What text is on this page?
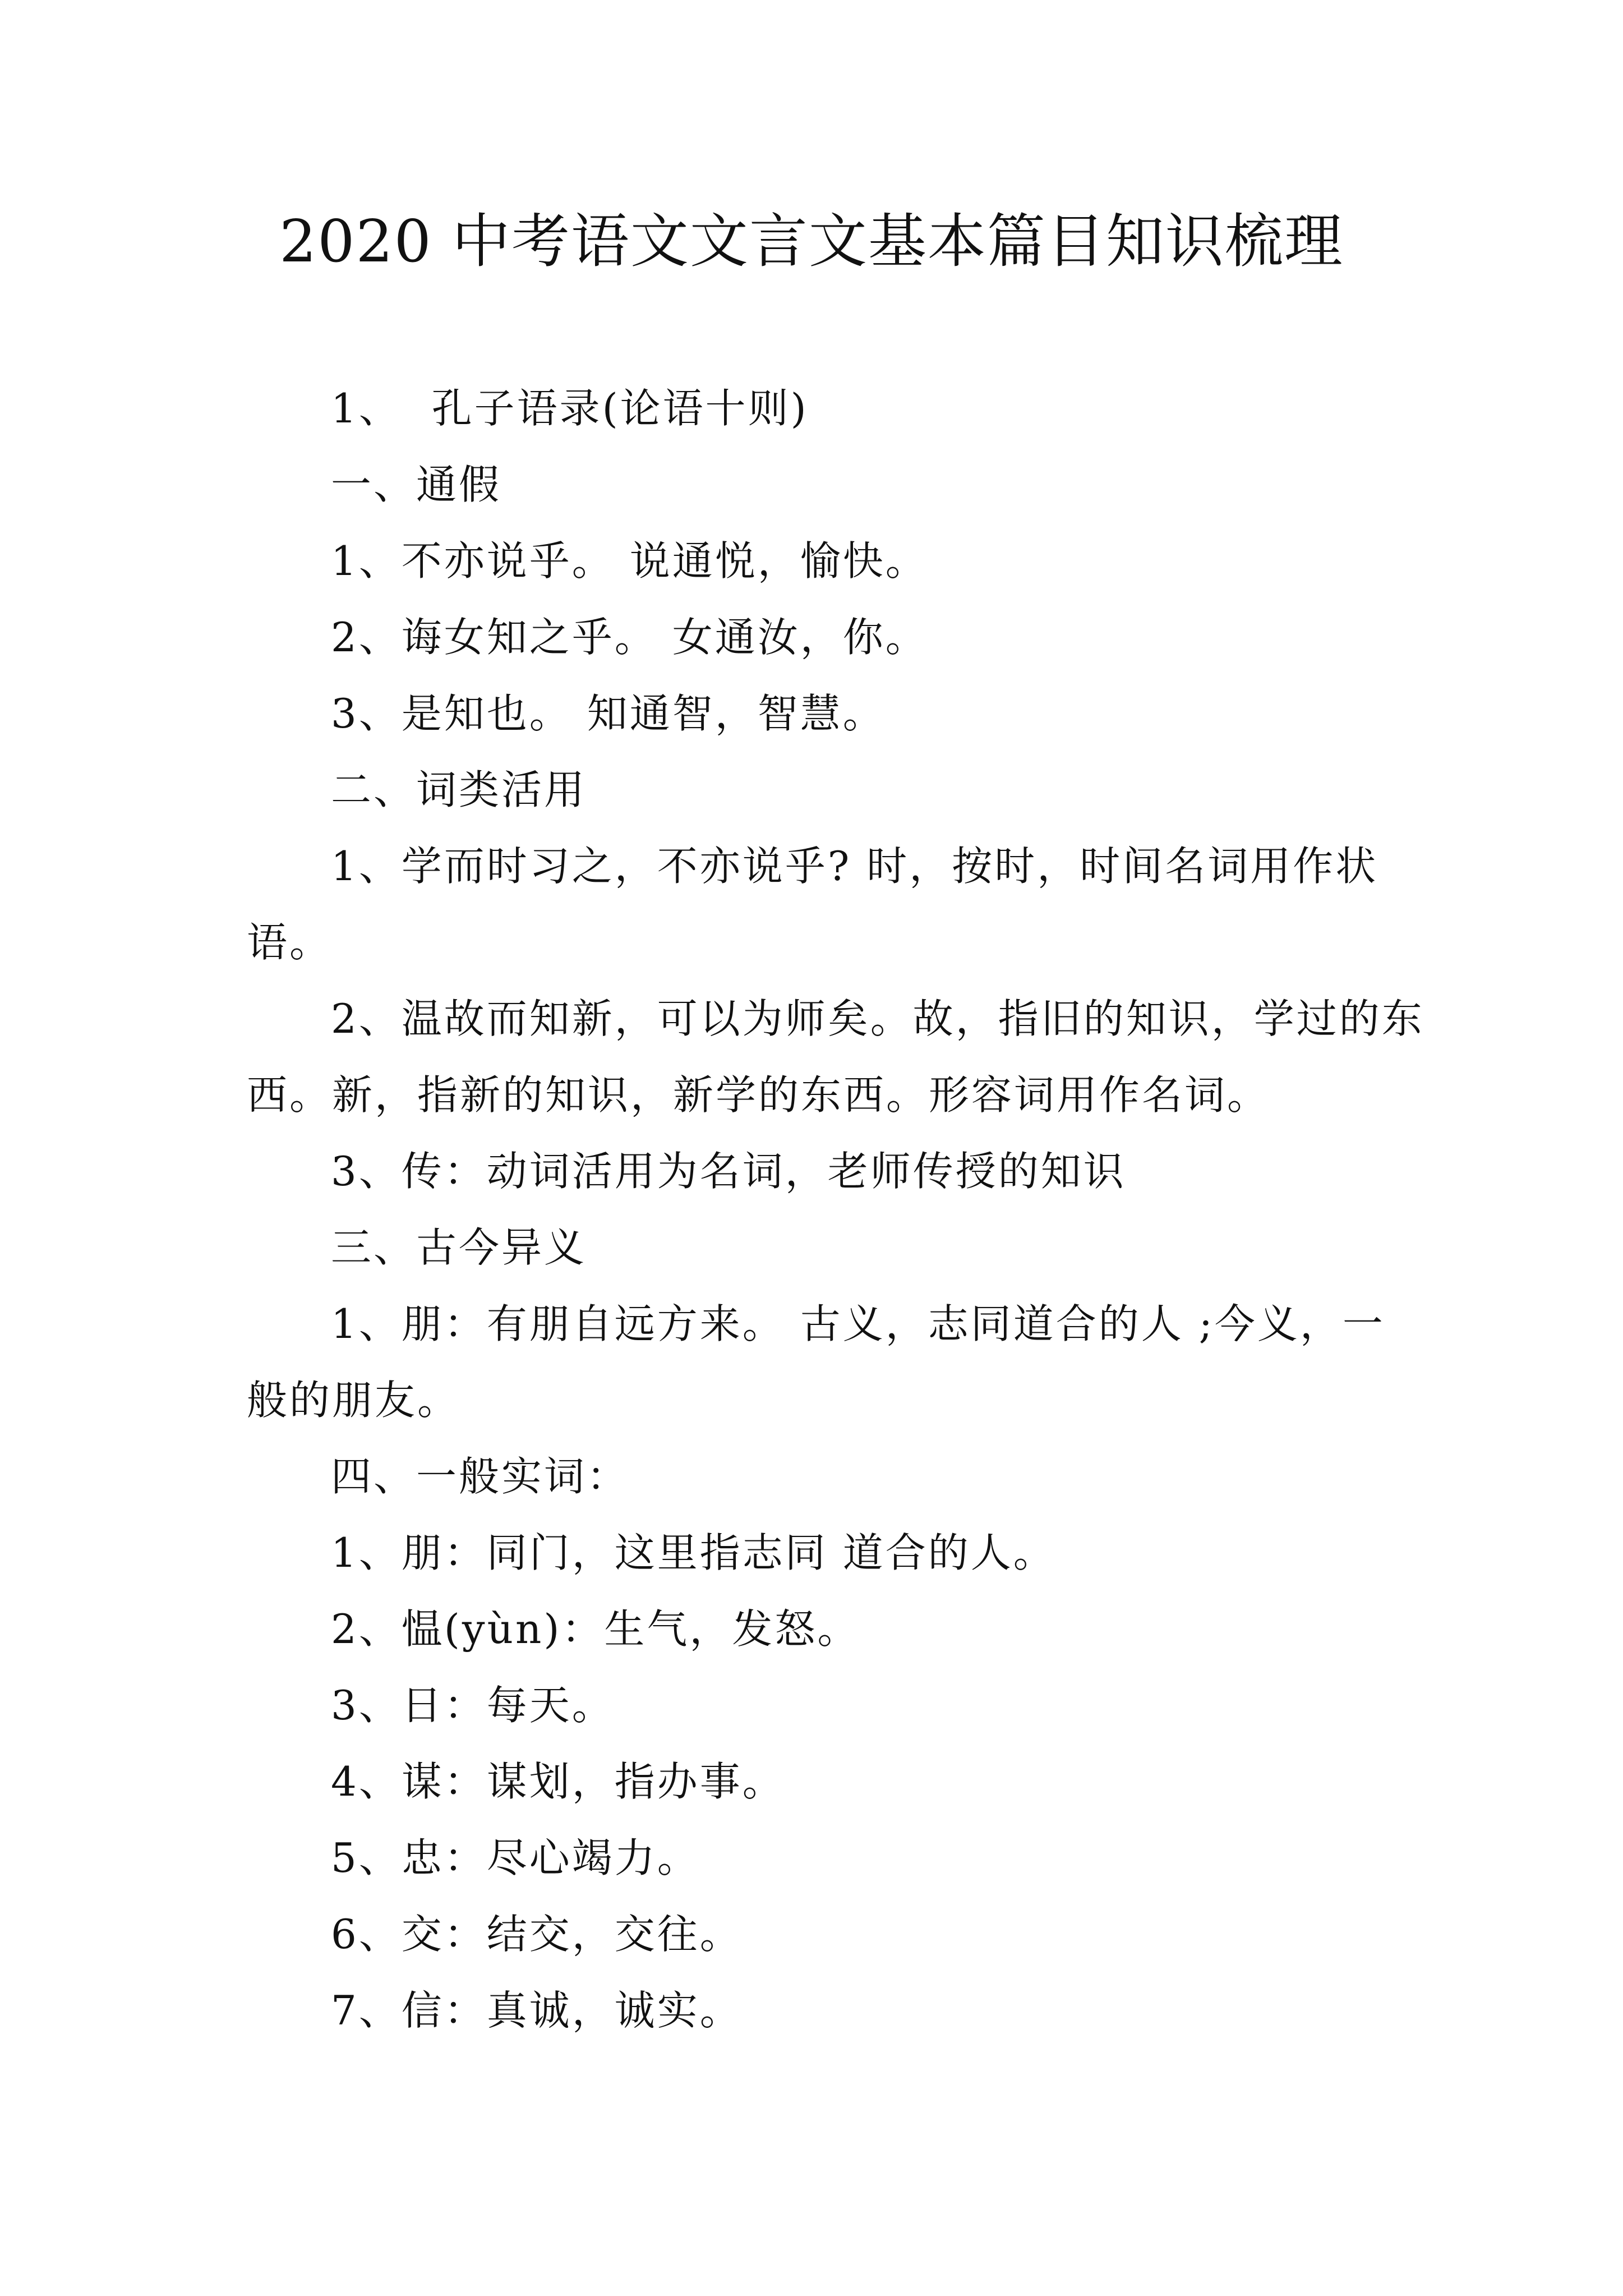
2020 中考语文文言文基本篇目知识梳理

1、  孔子语录(论语十则)

一、通假

1、不亦说乎。 说通悦，愉快。

2、诲女知之乎。 女通汝，你。

3、是知也。 知通智，智慧。

二、词类活用

1、学而时习之，不亦说乎? 时，按时，时间名词用作状语。

2、温故而知新，可以为师矣。故，指旧的知识，学过的东西。新，指新的知识，新学的东西。形容词用作名词。

3、传：动词活用为名词，老师传授的知识

三、古今异义

1、朋：有朋自远方来。 古义，志同道合的人 ;今义，一般的朋友。

四、一般实词：

1、朋：同门，这里指志同 道合的人。

2、愠(yùn)：生气，发怒。

3、日：每天。

4、谋：谋划，指办事。

5、忠：尽心竭力。

6、交：结交，交往。

7、信：真诚，诚实。
